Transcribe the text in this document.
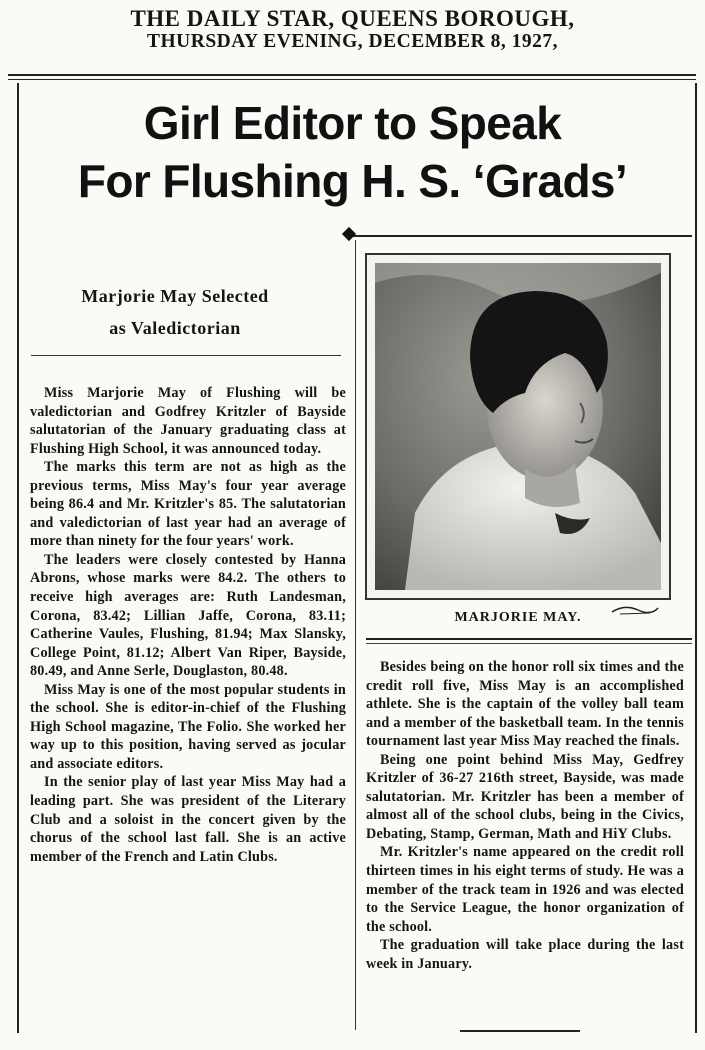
THE DAILY STAR, QUEENS BOROUGH,
THURSDAY EVENING, DECEMBER 8, 1927,
Girl Editor to Speak
For Flushing H. S. ‘Grads’
Marjorie May Selected
as Valedictorian

Miss Marjorie May of Flushing will be valedictorian and Godfrey Kritzler of Bayside salutatorian of the January graduating class at Flushing High School, it was announced today.

The marks this term are not as high as the previous terms, Miss May's four year average being 86.4 and Mr. Kritzler's 85. The salutatorian and valedictorian of last year had an average of more than ninety for the four years' work.

The leaders were closely contested by Hanna Abrons, whose marks were 84.2. The others to receive high averages are: Ruth Landesman, Corona, 83.42; Lillian Jaffe, Corona, 83.11; Catherine Vaules, Flushing, 81.94; Max Slansky, College Point, 81.12; Albert Van Riper, Bayside, 80.49, and Anne Serle, Douglaston, 80.48.

Miss May is one of the most popular students in the school. She is editor-in-chief of the Flushing High School magazine, The Folio. She worked her way up to this position, having served as jocular and associate editors.

In the senior play of last year Miss May had a leading part. She was president of the Literary Club and a soloist in the concert given by the chorus of the school last fall. She is an active member of the French and Latin Clubs.

MARJORIE MAY.

Besides being on the honor roll six times and the credit roll five, Miss May is an accomplished athlete. She is the captain of the volley ball team and a member of the basketball team. In the tennis tournament last year Miss May reached the finals.

Being one point behind Miss May, Gedfrey Kritzler of 36-27 216th street, Bayside, was made salutatorian. Mr. Kritzler has been a member of almost all of the school clubs, being in the Civics, Debating, Stamp, German, Math and HiY Clubs.

Mr. Kritzler's name appeared on the credit roll thirteen times in his eight terms of study. He was a member of the track team in 1926 and was elected to the Service League, the honor organization of the school.

The graduation will take place during the last week in January.
